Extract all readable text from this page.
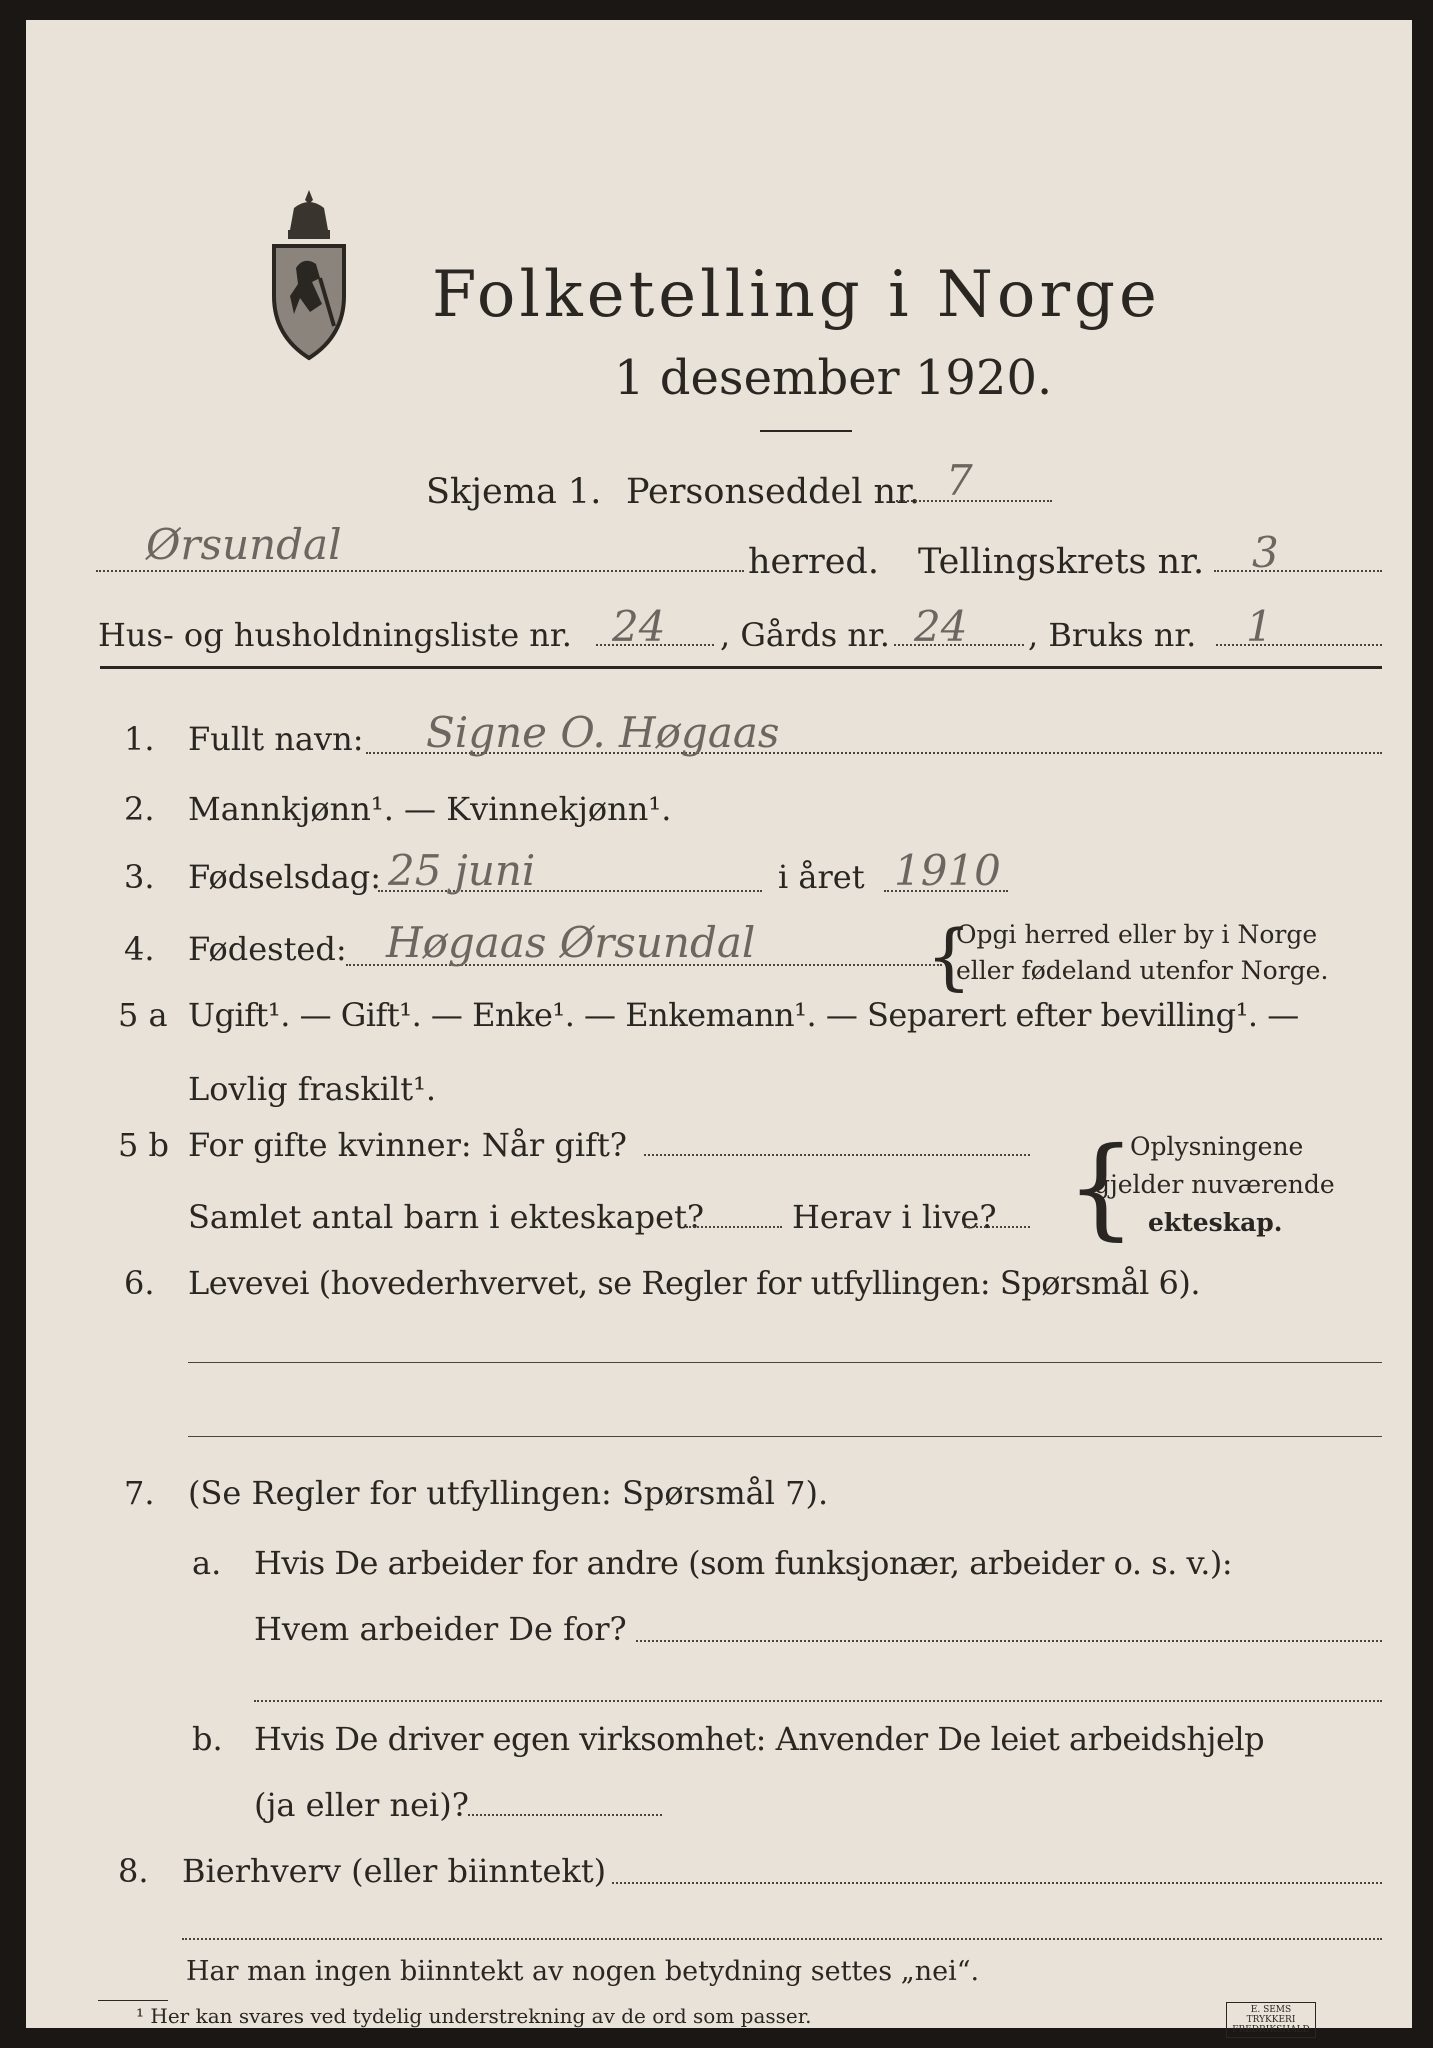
Folketelling i Norge
1 desember 1920.
Skjema 1. Personseddel nr. 7
Ørsundal	herred. Tellingskrets nr. 3
Hus- og husholdningsliste nr. 24 , Gårds nr. 24 , Bruks nr. 1
1. Fullt navn: Signe O. Høgaas
2. Mannkjønn¹. — Kvinnekjønn¹.
3. Fødselsdag: 25 juni	i året 1910
4. Fødested: Høgaas Ørsundal {
Opgi herred eller by i Norge
eller fødeland utenfor Norge.
5 a Ugift¹. — Gift¹. — Enke¹. — Enkemann¹. — Separert efter bevilling¹. —
Lovlig fraskilt¹.
5 b For gifte kvinner: Når gift?
Samlet antal barn i ekteskapet?	Herav i live? {
Oplysningene
gjelder nuværende
ekteskap.
6. Levevei (hovederhvervet, se Regler for utfyllingen: Spørsmål 6).
7. (Se Regler for utfyllingen: Spørsmål 7).
a. Hvis De arbeider for andre (som funksjonær, arbeider o. s. v.):
Hvem arbeider De for?
b. Hvis De driver egen virksomhet: Anvender De leiet arbeidshjelp
(ja eller nei)?
8. Bierhverv (eller biinntekt)
Har man ingen biinntekt av nogen betydning settes „nei“.
¹ Her kan svares ved tydelig understrekning av de ord som passer.	E. SEMS TRYKKERI FREDRIKSHALD
